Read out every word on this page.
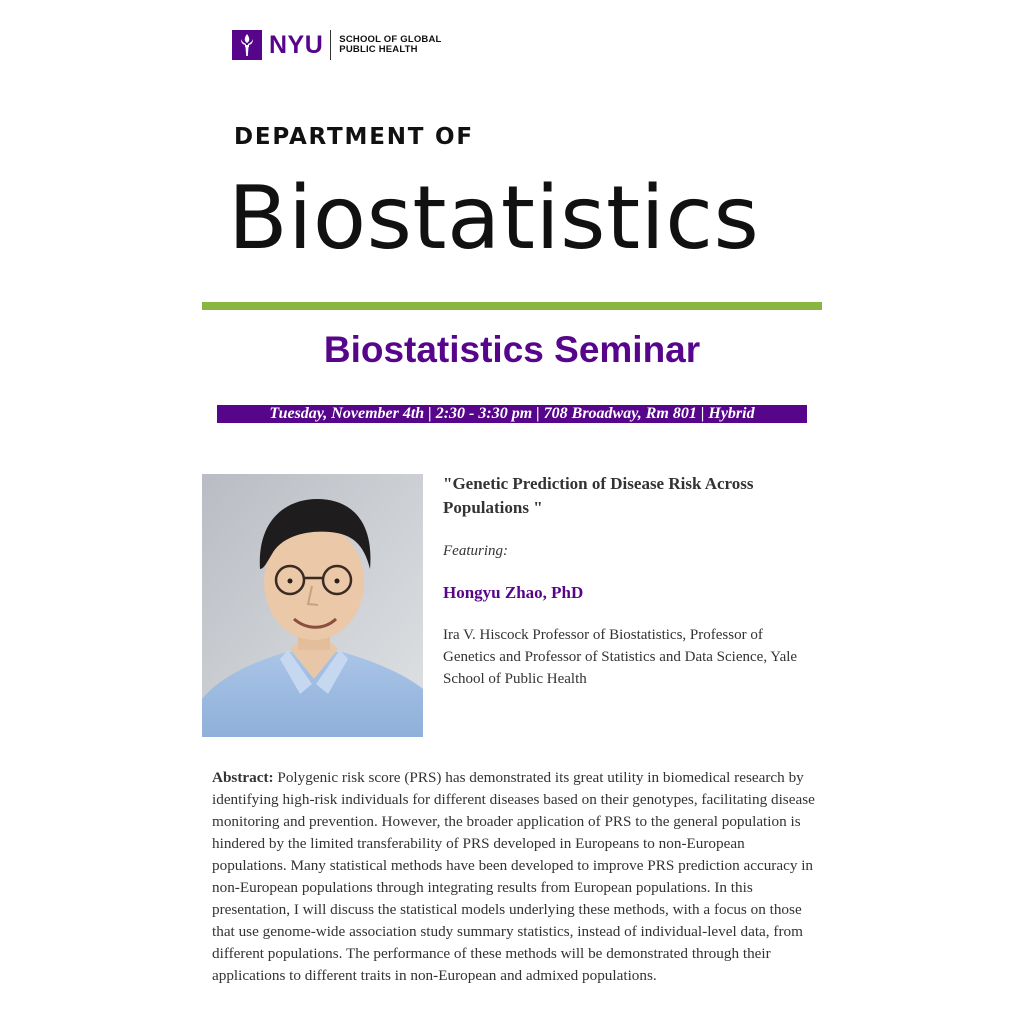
NYU SCHOOL OF GLOBAL
PUBLIC HEALTH
DEPARTMENT OF
Biostatistics
Biostatistics Seminar
Tuesday, November 4th | 2:30 - 3:30 pm | 708 Broadway, Rm 801 | Hybrid
"Genetic Prediction of Disease Risk Across Populations "
Featuring:
Hongyu Zhao, PhD
Ira V. Hiscock Professor of Biostatistics, Professor of Genetics and Professor of Statistics and Data Science, Yale School of Public Health
Abstract: Polygenic risk score (PRS) has demonstrated its great utility in biomedical research by identifying high-risk individuals for different diseases based on their genotypes, facilitating disease monitoring and prevention. However, the broader application of PRS to the general population is hindered by the limited transferability of PRS developed in Europeans to non-European populations. Many statistical methods have been developed to improve PRS prediction accuracy in non-European populations through integrating results from European populations. In this presentation, I will discuss the statistical models underlying these methods, with a focus on those that use genome-wide association study summary statistics, instead of individual-level data, from different populations. The performance of these methods will be demonstrated through their applications to different traits in non-European and admixed populations.
